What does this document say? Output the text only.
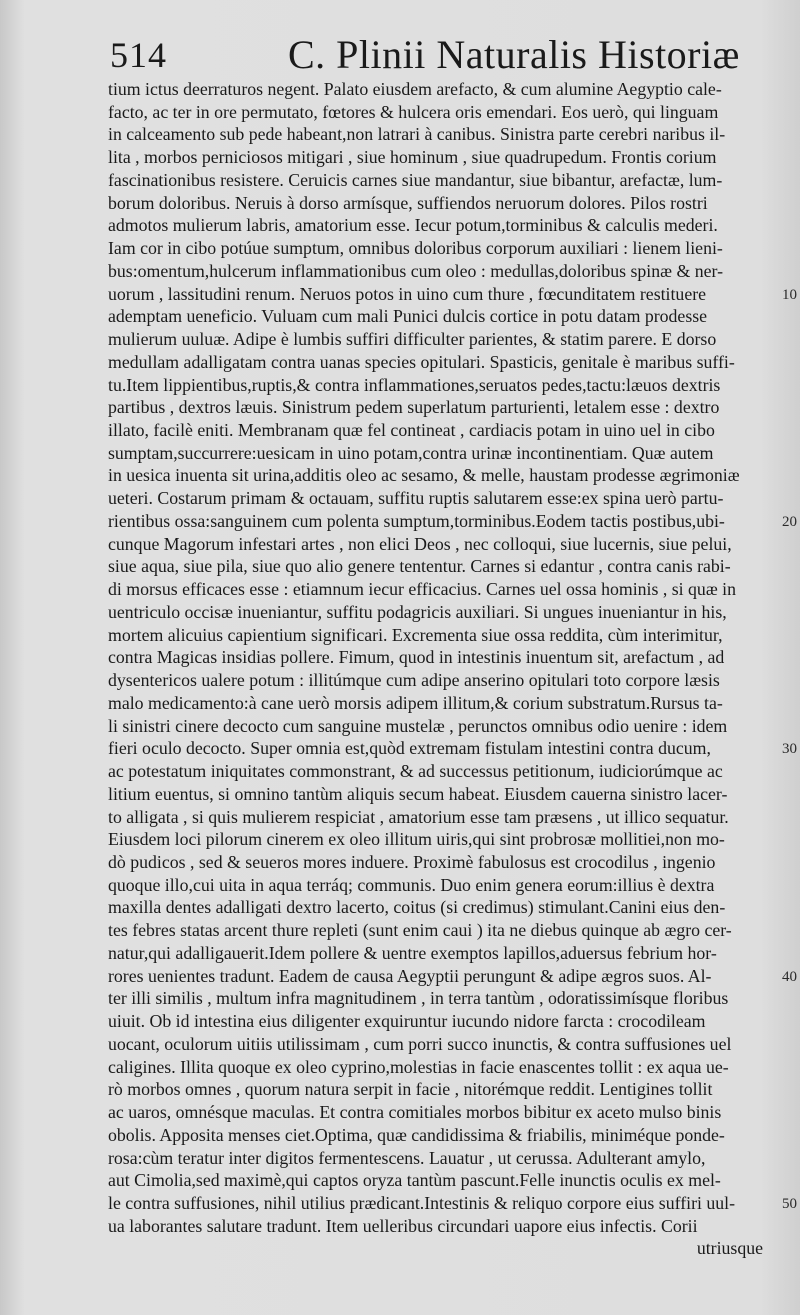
514	C. Plinii Naturalis Historiæ
tium ictus deerraturos negent. Palato eiusdem arefacto, & cum alumine Aegyptio cale-
facto, ac ter in ore permutato, fœtores & hulcera oris emendari. Eos uerò, qui linguam
in calceamento sub pede habeant,non latrari à canibus. Sinistra parte cerebri naribus il-
lita , morbos perniciosos mitigari , siue hominum , siue quadrupedum. Frontis corium
fascinationibus resistere. Ceruicis carnes siue mandantur, siue bibantur, arefactæ, lum-
borum doloribus. Neruis à dorso armísque, suffiendos neruorum dolores. Pilos rostri
admotos mulierum labris, amatorium esse. Iecur potum,torminibus & calculis mederi.
Iam cor in cibo potúue sumptum, omnibus doloribus corporum auxiliari : lienem lieni-
bus:omentum,hulcerum inflammationibus cum oleo : medullas,doloribus spinæ & ner-
uorum , lassitudini renum. Neruos potos in uino cum thure , fœcunditatem restituere
ademptam ueneficio. Vuluam cum mali Punici dulcis cortice in potu datam prodesse
mulierum uuluæ. Adipe è lumbis suffiri difficulter parientes, & statim parere. E dorso
medullam adalligatam contra uanas species opitulari. Spasticis, genitale è maribus suffi-
tu.Item lippientibus,ruptis,& contra inflammationes,seruatos pedes,tactu:læuos dextris
partibus , dextros læuis. Sinistrum pedem superlatum parturienti, letalem esse : dextro
illato, facilè eniti. Membranam quæ fel contineat , cardiacis potam in uino uel in cibo
sumptam,succurrere:uesicam in uino potam,contra urinæ incontinentiam. Quæ autem
in uesica inuenta sit urina,additis oleo ac sesamo, & melle, haustam prodesse ægrimoniæ
ueteri. Costarum primam & octauam, suffitu ruptis salutarem esse:ex spina uerò partu-
rientibus ossa:sanguinem cum polenta sumptum,torminibus.Eodem tactis postibus,ubi-
cunque Magorum infestari artes , non elici Deos , nec colloqui, siue lucernis, siue pelui,
siue aqua, siue pila, siue quo alio genere tententur. Carnes si edantur , contra canis rabi-
di morsus efficaces esse : etiamnum iecur efficacius. Carnes uel ossa hominis , si quæ in
uentriculo occisæ inueniantur, suffitu podagricis auxiliari. Si ungues inueniantur in his,
mortem alicuius capientium significari. Excrementa siue ossa reddita, cùm interimitur,
contra Magicas insidias pollere. Fimum, quod in intestinis inuentum sit, arefactum , ad
dysentericos ualere potum : illitúmque cum adipe anserino opitulari toto corpore læsis
malo medicamento:à cane uerò morsis adipem illitum,& corium substratum.Rursus ta-
li sinistri cinere decocto cum sanguine mustelæ , perunctos omnibus odio uenire : idem
fieri oculo decocto. Super omnia est,quòd extremam fistulam intestini contra ducum,
ac potestatum iniquitates commonstrant, & ad successus petitionum, iudiciorúmque ac
litium euentus, si omnino tantùm aliquis secum habeat. Eiusdem cauerna sinistro lacer-
to alligata , si quis mulierem respiciat , amatorium esse tam præsens , ut illico sequatur.
Eiusdem loci pilorum cinerem ex oleo illitum uiris,qui sint probrosæ mollitiei,non mo-
dò pudicos , sed & seueros mores induere. Proximè fabulosus est crocodilus , ingenio
quoque illo,cui uita in aqua terráq; communis. Duo enim genera eorum:illius è dextra
maxilla dentes adalligati dextro lacerto, coitus (si credimus) stimulant.Canini eius den-
tes febres statas arcent thure repleti (sunt enim caui ) ita ne diebus quinque ab ægro cer-
natur,qui adalligauerit.Idem pollere & uentre exemptos lapillos,aduersus febrium hor-
rores uenientes tradunt. Eadem de causa Aegyptii perungunt & adipe ægros suos. Al-
ter illi similis , multum infra magnitudinem , in terra tantùm , odoratissimísque floribus
uiuit. Ob id intestina eius diligenter exquiruntur iucundo nidore farcta : crocodileam
uocant, oculorum uitiis utilissimam , cum porri succo inunctis, & contra suffusiones uel
caligines. Illita quoque ex oleo cyprino,molestias in facie enascentes tollit : ex aqua ue-
rò morbos omnes , quorum natura serpit in facie , nitorémque reddit. Lentigines tollit
ac uaros, omnésque maculas. Et contra comitiales morbos bibitur ex aceto mulso binis
obolis. Apposita menses ciet.Optima, quæ candidissima & friabilis, miniméque ponde-
rosa:cùm teratur inter digitos fermentescens. Lauatur , ut cerussa. Adulterant amylo,
aut Cimolia,sed maximè,qui captos oryza tantùm pascunt.Felle inunctis oculis ex mel-
le contra suffusiones, nihil utilius prædicant.Intestinis & reliquo corpore eius suffiri uul-
ua laborantes salutare tradunt. Item uelleribus circundari uapore eius infectis. Corii
utriusque
10
20
30
40
50
